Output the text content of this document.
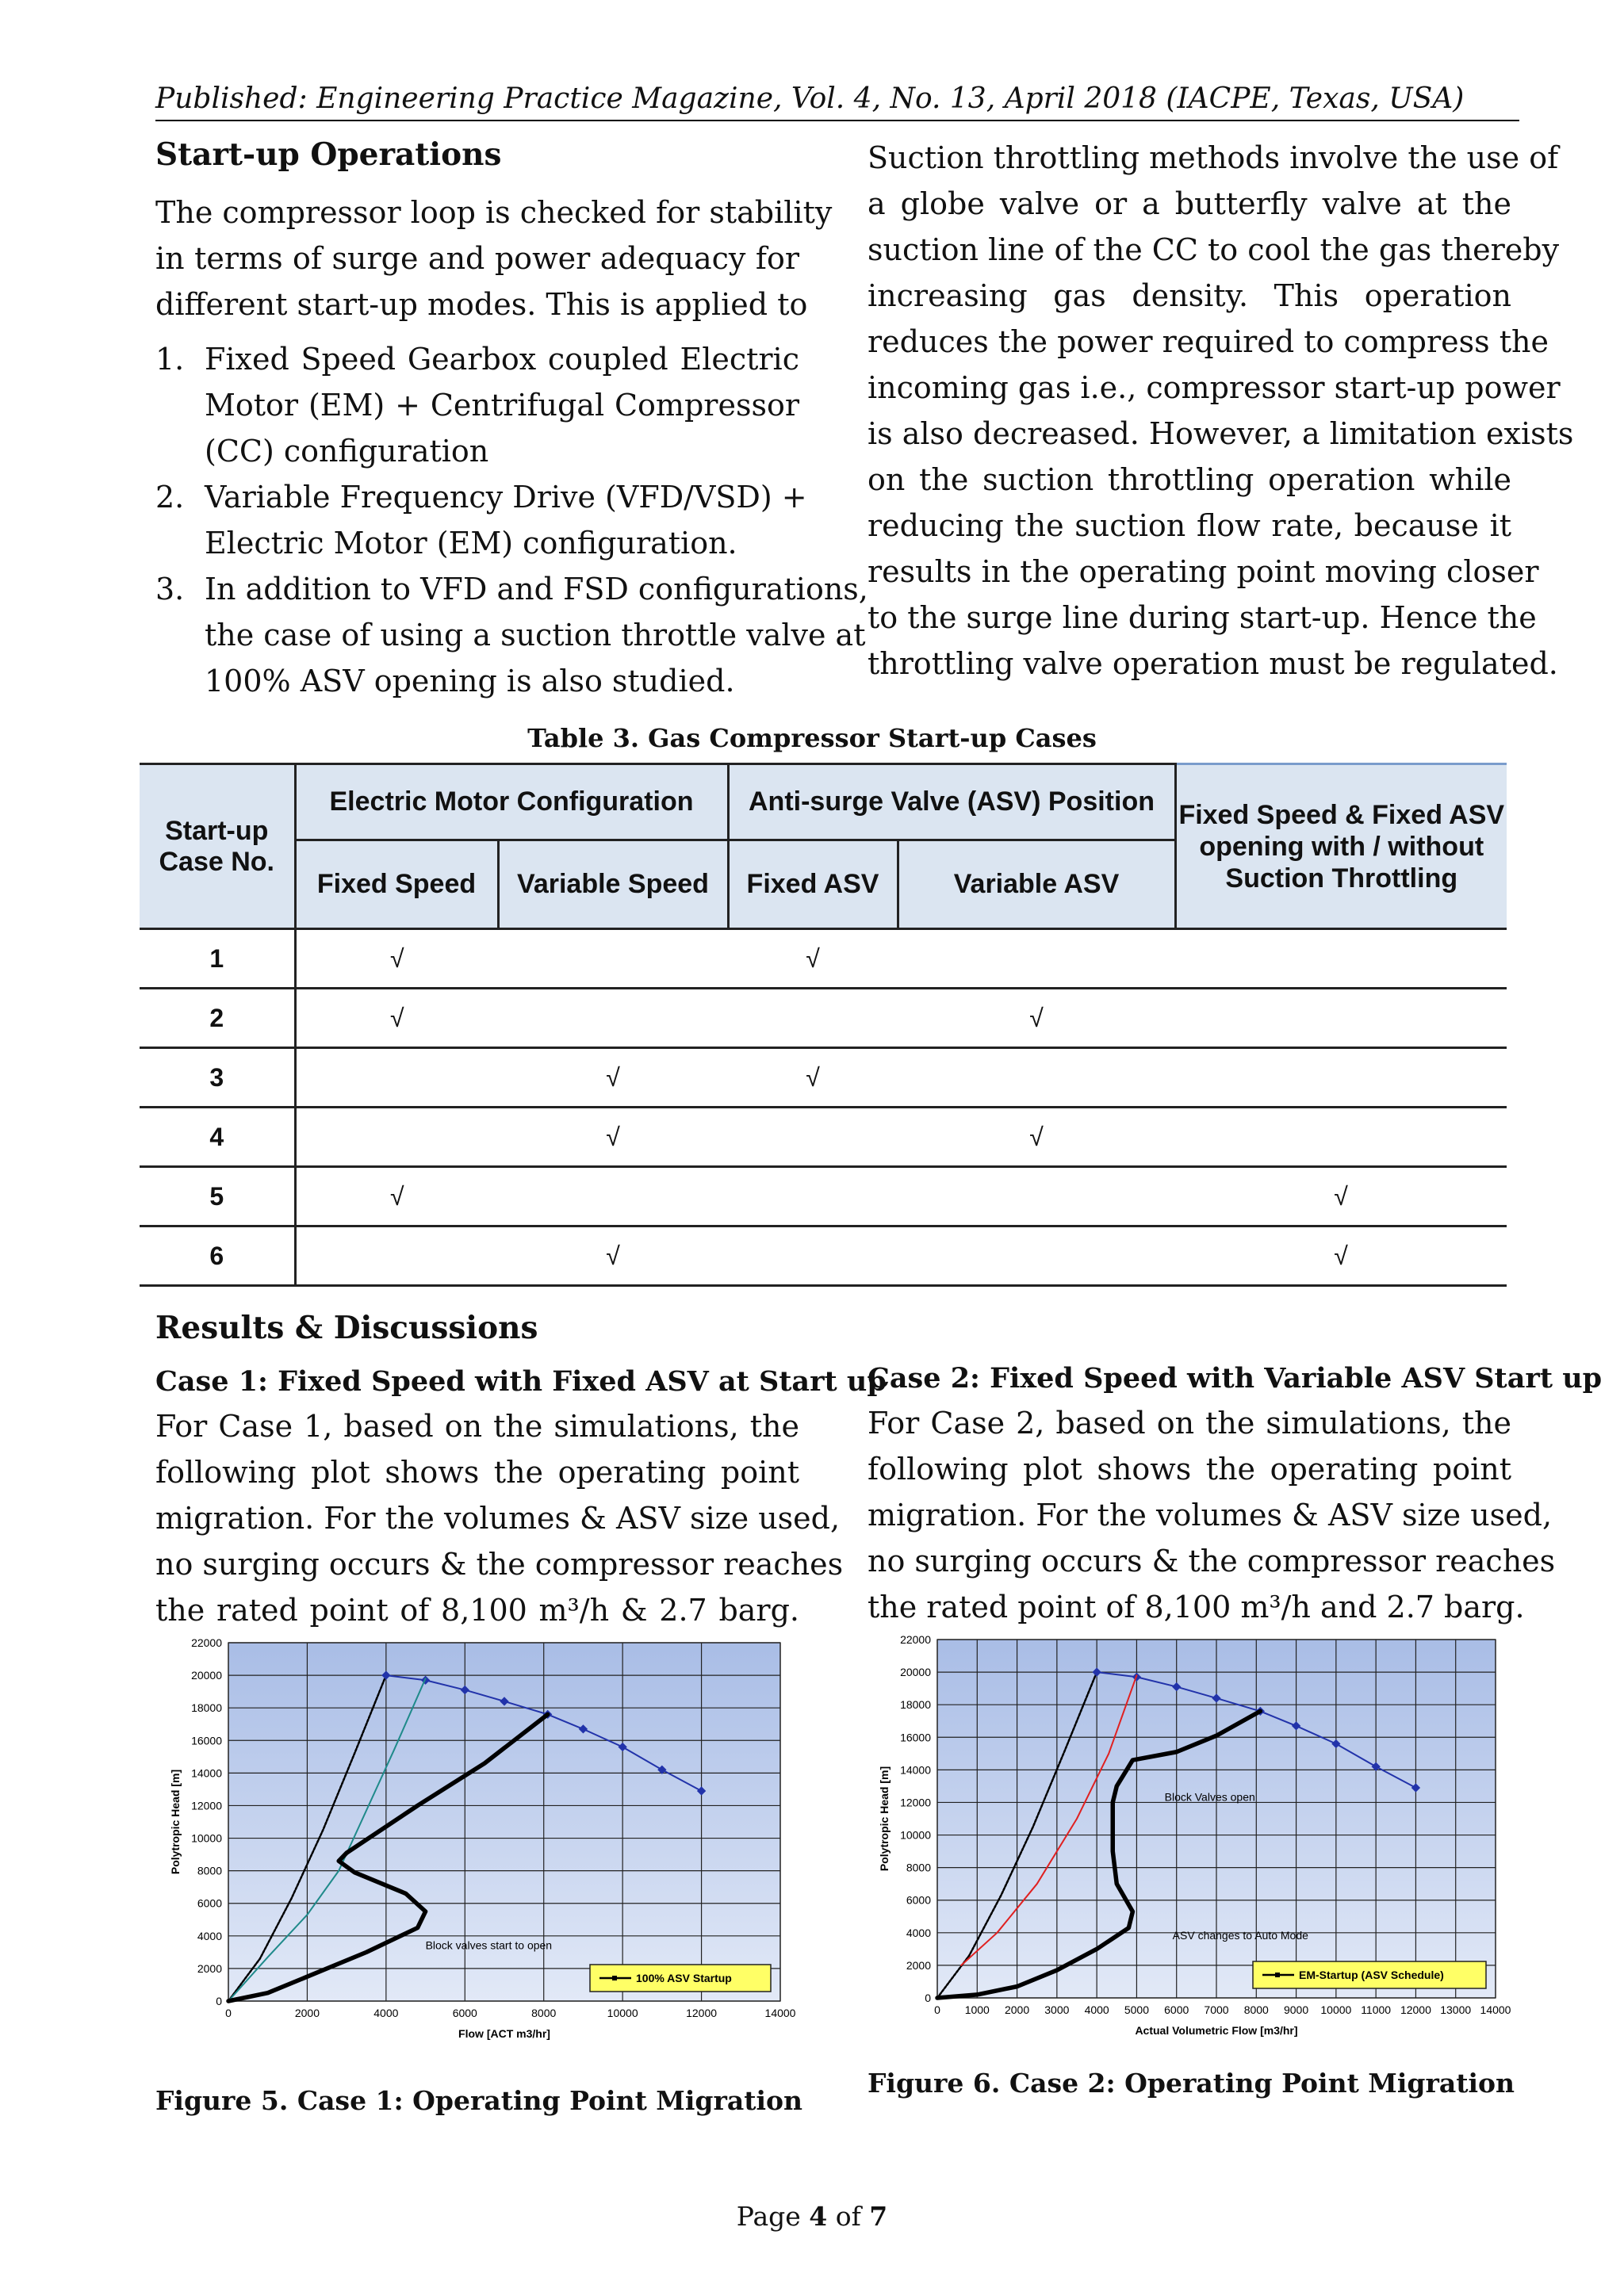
Published: Engineering Practice Magazine, Vol. 4, No. 13, April 2018 (IACPE, Texas, USA)
Start-up Operations
The compressor loop is checked for stability
in terms of surge and power adequacy for
different start-up modes. This is applied to
1. Fixed Speed Gearbox coupled Electric
Motor (EM) + Centrifugal Compressor
(CC) configuration
2. Variable Frequency Drive (VFD/VSD) +
Electric Motor (EM) configuration.
3. In addition to VFD and FSD configurations,
the case of using a suction throttle valve at
100% ASV opening is also studied.
Suction throttling methods involve the use of
a globe valve or a butterfly valve at the
suction line of the CC to cool the gas thereby
increasing gas density. This operation
reduces the power required to compress the
incoming gas i.e., compressor start-up power
is also decreased. However, a limitation exists
on the suction throttling operation while
reducing the suction flow rate, because it
results in the operating point moving closer
to the surge line during start-up. Hence the
throttling valve operation must be regulated.
Table 3. Gas Compressor Start-up Cases
Start-up Case No.	Electric Motor Configuration		Anti-surge Valve (ASV) Position		Fixed Speed & Fixed ASV opening with / without Suction Throttling
	Fixed Speed	Variable Speed	Fixed ASV	Variable ASV	
1	√		√		
2	√			√	
3		√	√		
4		√		√	
5	√				√
6		√			√
Results & Discussions
Case 1: Fixed Speed with Fixed ASV at Start up
For Case 1, based on the simulations, the
following plot shows the operating point
migration. For the volumes & ASV size used,
no surging occurs & the compressor reaches
the rated point of 8,100 m³/h & 2.7 barg.
Case 2: Fixed Speed with Variable ASV Start up
For Case 2, based on the simulations, the
following plot shows the operating point
migration. For the volumes & ASV size used,
no surging occurs & the compressor reaches
the rated point of 8,100 m³/h and 2.7 barg.
0
2000
4000
6000
8000
10000
12000
14000
16000
18000
20000
22000
0	2000	4000	6000	8000	10000	12000	14000
Flow [ACT m3/hr]
Polytropic Head [m]
Block valves start to open
100% ASV Startup
0
2000
4000
6000
8000
10000
12000
14000
16000
18000
20000
22000
0 1000 2000 3000 4000 5000 6000 7000 8000 9000 10000 11000 12000 13000 14000
Actual Volumetric Flow [m3/hr]
Polytropic Head [m]	Block Valves open
ASV changes to Auto Mode
EM-Startup (ASV Schedule)
Figure 5. Case 1: Operating Point Migration
Figure 6. Case 2: Operating Point Migration
Page 4 of 7
